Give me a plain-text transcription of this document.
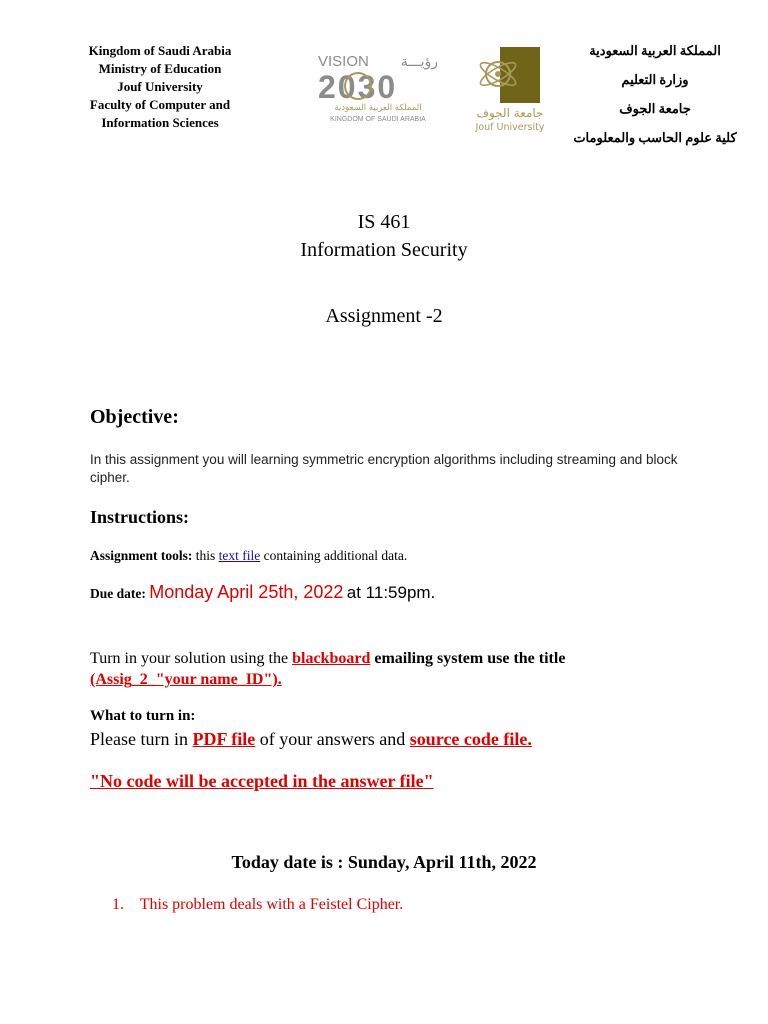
Kingdom of Saudi Arabia
Ministry of Education
Jouf University
Faculty of Computer and
Information Sciences
VISION رؤيـــة
2030
المملكة العربية السعودية
KINGDOM OF SAUDI ARABIA	جامعة الجوف
Jouf University
المملكة العربية السعودية
وزارة التعليم
جامعة الجوف
كلية علوم الحاسب والمعلومات
IS 461
Information Security
Assignment -2
Objective:
In this assignment you will learning symmetric encryption algorithms including streaming and block cipher.
Instructions:
Assignment tools: this text file containing additional data.
Due date: Monday April 25th, 2022 at 11:59pm.
Turn in your solution using the blackboard emailing system use the title
(Assig_2_"your name_ID").
What to turn in:
Please turn in PDF file of your answers and source code file.
"No code will be accepted in the answer file"
Today date is : Sunday, April 11th, 2022
1. This problem deals with a Feistel Cipher.
